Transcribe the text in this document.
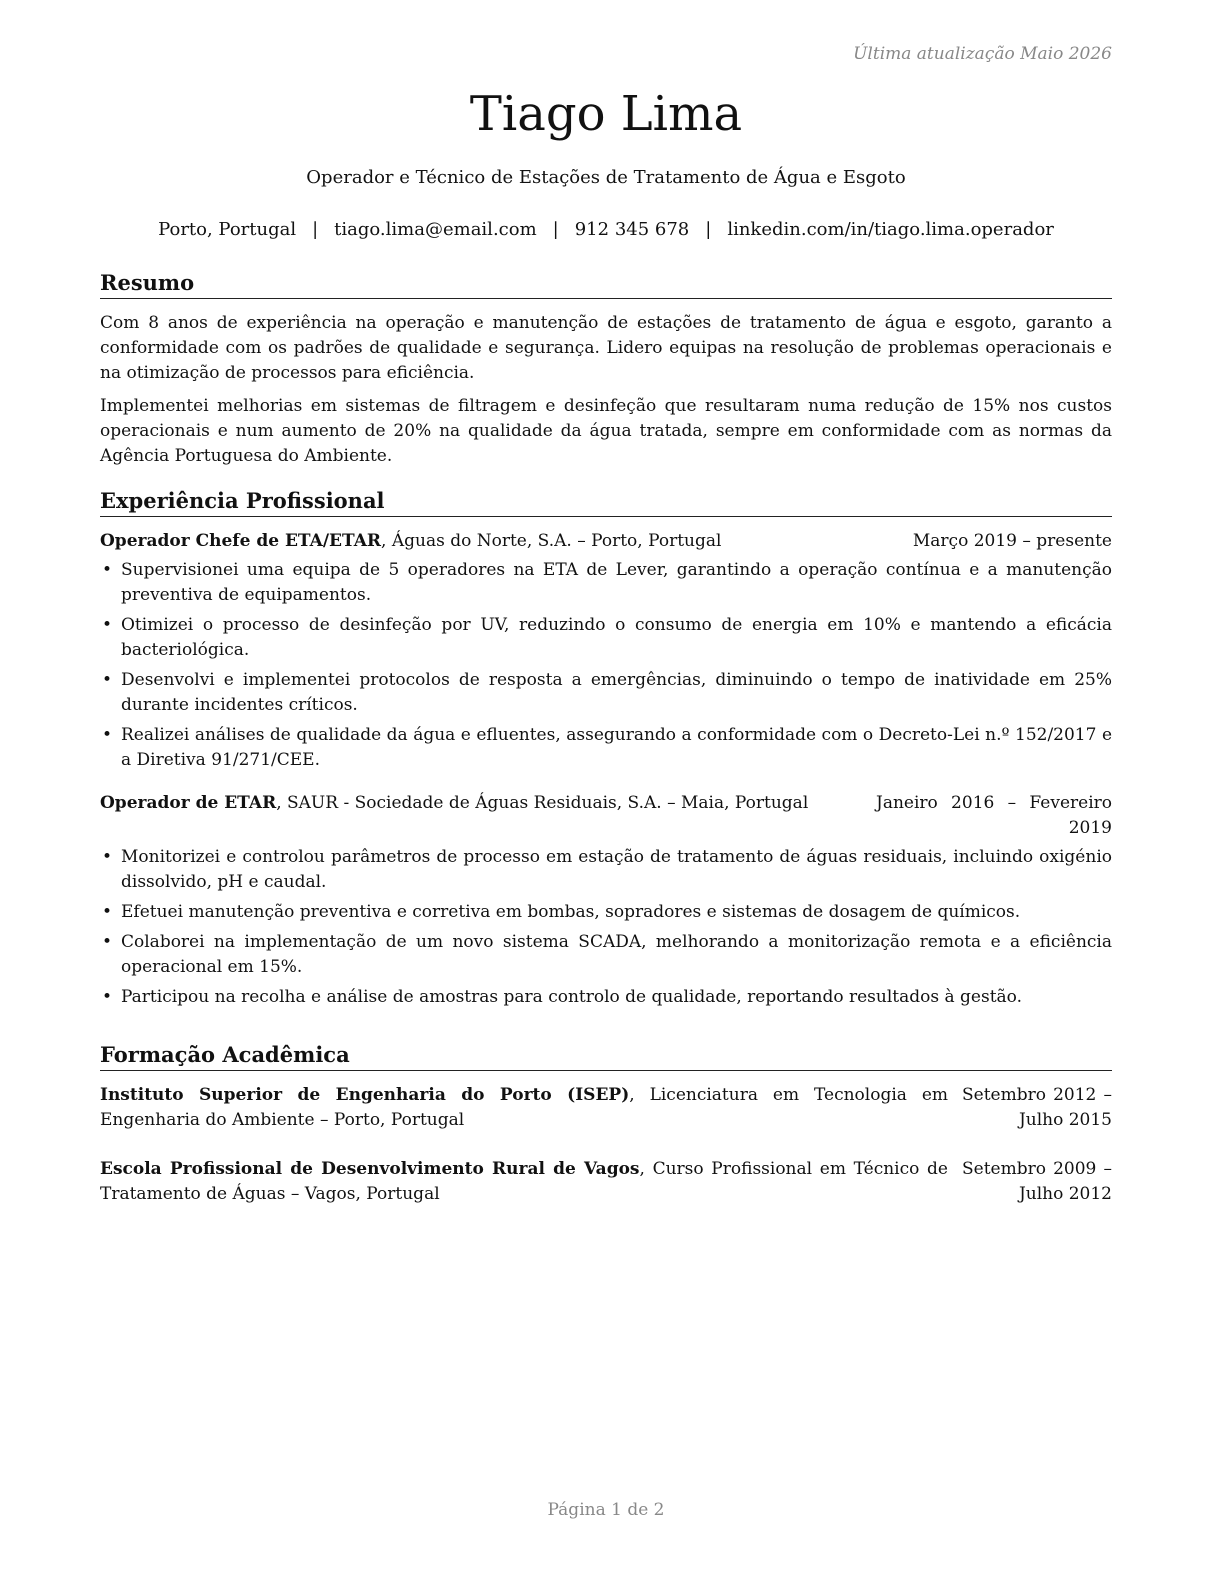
Última atualização Maio 2026
Tiago Lima
Operador e Técnico de Estações de Tratamento de Água e Esgoto
Porto, Portugal | tiago.lima@email.com | 912 345 678 | linkedin.com/in/tiago.lima.operador
Resumo

Com 8 anos de experiência na operação e manutenção de estações de tratamento de água e esgoto, garanto a conformidade com os padrões de qualidade e segurança. Lidero equipas na resolução de problemas operacionais e na otimização de processos para eficiência.

Implementei melhorias em sistemas de filtragem e desinfeção que resultaram numa redução de 15% nos custos operacionais e num aumento de 20% na qualidade da água tratada, sempre em conformidade com as normas da Agência Portuguesa do Ambiente.

Experiência Profissional
Operador Chefe de ETA/ETAR, Águas do Norte, S.A. – Porto, Portugal	Março 2019 – presente
• Supervisionei uma equipa de 5 operadores na ETA de Lever, garantindo a operação contínua e a manutenção preventiva de equipamentos.
• Otimizei o processo de desinfeção por UV, reduzindo o consumo de energia em 10% e mantendo a eficácia bacteriológica.
• Desenvolvi e implementei protocolos de resposta a emergências, diminuindo o tempo de inatividade em 25% durante incidentes críticos.
• Realizei análises de qualidade da água e efluentes, assegurando a conformidade com o Decreto-Lei n.º 152/2017 e a Diretiva 91/271/CEE.
Operador de ETAR, SAUR - Sociedade de Águas Residuais, S.A. – Maia, Portugal	Janeiro 2016 – Fevereiro 2019
• Monitorizei e controlou parâmetros de processo em estação de tratamento de águas residuais, incluindo oxigénio dissolvido, pH e caudal.
• Efetuei manutenção preventiva e corretiva em bombas, sopradores e sistemas de dosagem de químicos.
• Colaborei na implementação de um novo sistema SCADA, melhorando a monitorização remota e a eficiência operacional em 15%.
• Participou na recolha e análise de amostras para controlo de qualidade, reportando resultados à gestão.
Formação Acadêmica
Instituto Superior de Engenharia do Porto (ISEP), Licenciatura em Tecnologia em Engenharia do Ambiente – Porto, Portugal
Setembro 2012 – Julho 2015
Escola Profissional de Desenvolvimento Rural de Vagos, Curso Profissional em Técnico de Tratamento de Águas – Vagos, Portugal
Setembro 2009 – Julho 2012
Página 1 de 2
